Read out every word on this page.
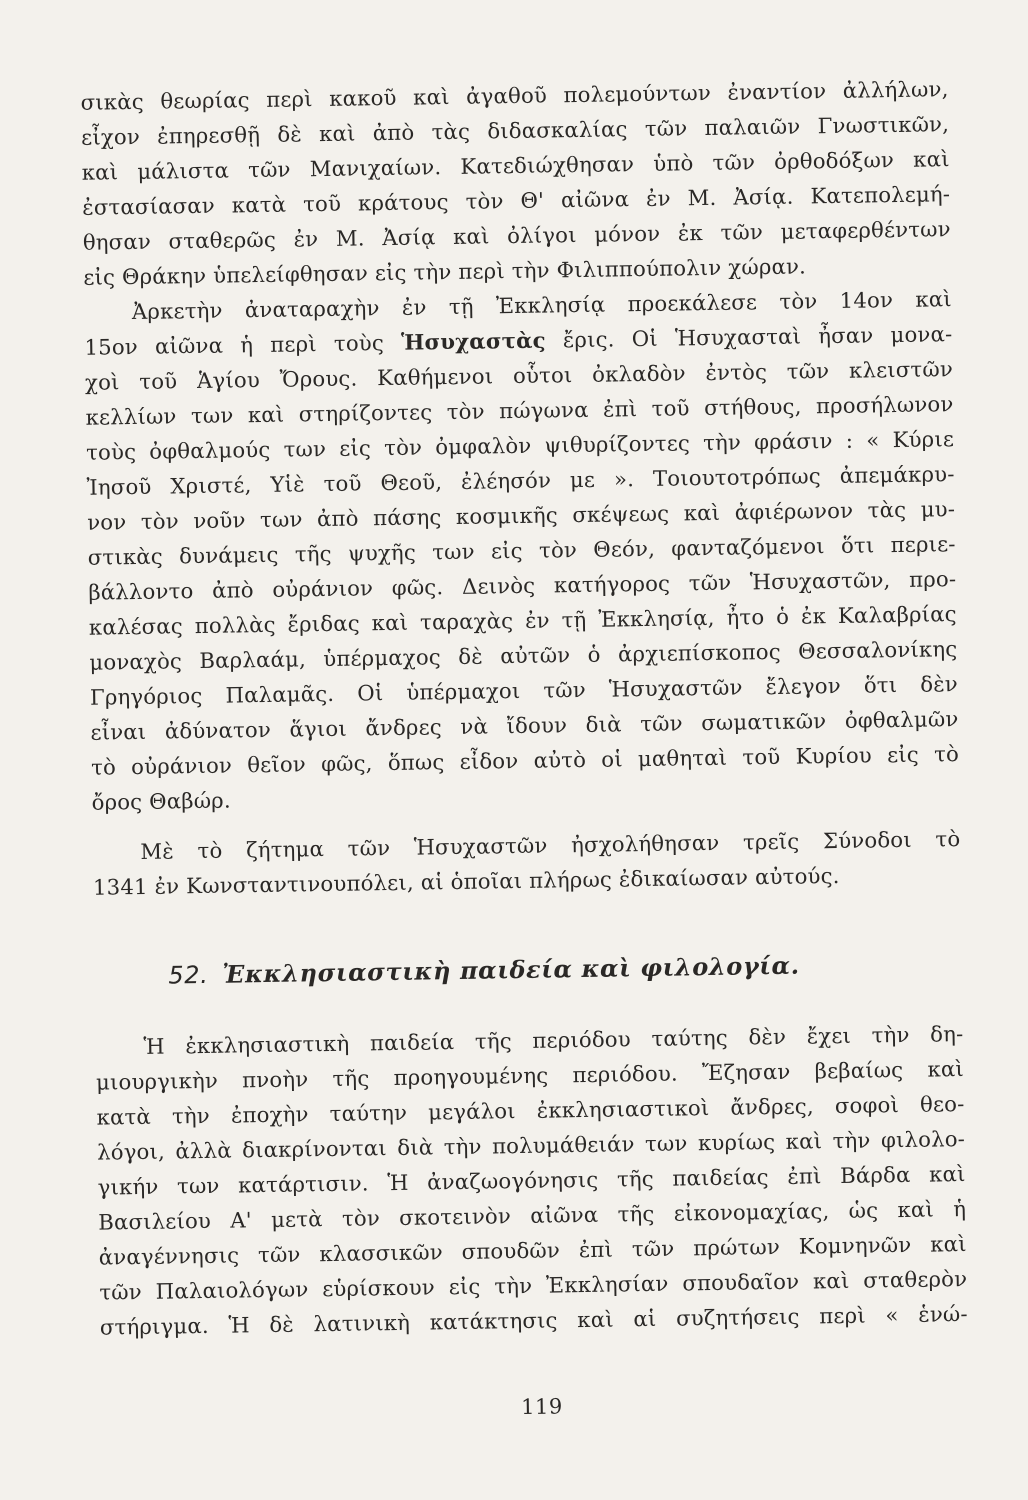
σικὰς θεωρίας περὶ κακοῦ καὶ ἀγαθοῦ πολεμούντων ἐναντίον ἀλλήλων,
εἶχον ἐπηρεσθῇ δὲ καὶ ἀπὸ τὰς διδασκαλίας τῶν παλαιῶν Γνωστικῶν,
καὶ μάλιστα τῶν Μανιχαίων. Κατεδιώχθησαν ὑπὸ τῶν ὀρθοδόξων καὶ
ἐστασίασαν κατὰ τοῦ κράτους τὸν Θ' αἰῶνα ἐν Μ. Ἀσίᾳ. Κατεπολεμή-
θησαν σταθερῶς ἐν Μ. Ἀσίᾳ καὶ ὀλίγοι μόνον ἐκ τῶν μεταφερθέντων
εἰς Θράκην ὑπελείφθησαν εἰς τὴν περὶ τὴν Φιλιππούπολιν χώραν.
Ἀρκετὴν ἀναταραχὴν ἐν τῇ Ἐκκλησίᾳ προεκάλεσε τὸν 14ον καὶ
15ον αἰῶνα ἡ περὶ τοὺς Ἡσυχαστὰς ἔρις. Οἱ Ἡσυχασταὶ ἦσαν μονα-
χοὶ τοῦ Ἁγίου Ὄρους. Καθήμενοι οὗτοι ὀκλαδὸν ἐντὸς τῶν κλειστῶν
κελλίων των καὶ στηρίζοντες τὸν πώγωνα ἐπὶ τοῦ στήθους, προσήλωνον
τοὺς ὀφθαλμούς των εἰς τὸν ὀμφαλὸν ψιθυρίζοντες τὴν φράσιν : « Κύριε
Ἰησοῦ Χριστέ, Υἱὲ τοῦ Θεοῦ, ἐλέησόν με ». Τοιουτοτρόπως ἀπεμάκρυ-
νον τὸν νοῦν των ἀπὸ πάσης κοσμικῆς σκέψεως καὶ ἀφιέρωνον τὰς μυ-
στικὰς δυνάμεις τῆς ψυχῆς των εἰς τὸν Θεόν, φανταζόμενοι ὅτι περιε-
βάλλοντο ἀπὸ οὐράνιον φῶς. Δεινὸς κατήγορος τῶν Ἡσυχαστῶν, προ-
καλέσας πολλὰς ἔριδας καὶ ταραχὰς ἐν τῇ Ἐκκλησίᾳ, ἦτο ὁ ἐκ Καλαβρίας
μοναχὸς Βαρλαάμ, ὑπέρμαχος δὲ αὐτῶν ὁ ἀρχιεπίσκοπος Θεσσαλονίκης
Γρηγόριος Παλαμᾶς. Οἱ ὑπέρμαχοι τῶν Ἡσυχαστῶν ἔλεγον ὅτι δὲν
εἶναι ἀδύνατον ἅγιοι ἄνδρες νὰ ἴδουν διὰ τῶν σωματικῶν ὀφθαλμῶν
τὸ οὐράνιον θεῖον φῶς, ὅπως εἶδον αὐτὸ οἱ μαθηταὶ τοῦ Κυρίου εἰς τὸ
ὄρος Θαβώρ.
Μὲ τὸ ζήτημα τῶν Ἡσυχαστῶν ἠσχολήθησαν τρεῖς Σύνοδοι τὸ
1341 ἐν Κωνσταντινουπόλει, αἱ ὁποῖαι πλήρως ἐδικαίωσαν αὐτούς.
52. Ἐκκλησιαστικὴ παιδεία καὶ φιλολογία.
Ἡ ἐκκλησιαστικὴ παιδεία τῆς περιόδου ταύτης δὲν ἔχει τὴν δη-
μιουργικὴν πνοὴν τῆς προηγουμένης περιόδου. Ἔζησαν βεβαίως καὶ
κατὰ τὴν ἐποχὴν ταύτην μεγάλοι ἐκκλησιαστικοὶ ἄνδρες, σοφοὶ θεο-
λόγοι, ἀλλὰ διακρίνονται διὰ τὴν πολυμάθειάν των κυρίως καὶ τὴν φιλολο-
γικήν των κατάρτισιν. Ἡ ἀναζωογόνησις τῆς παιδείας ἐπὶ Βάρδα καὶ
Βασιλείου Α' μετὰ τὸν σκοτεινὸν αἰῶνα τῆς εἰκονομαχίας, ὡς καὶ ἡ
ἀναγέννησις τῶν κλασσικῶν σπουδῶν ἐπὶ τῶν πρώτων Κομνηνῶν καὶ
τῶν Παλαιολόγων εὑρίσκουν εἰς τὴν Ἐκκλησίαν σπουδαῖον καὶ σταθερὸν
στήριγμα. Ἡ δὲ λατινικὴ κατάκτησις καὶ αἱ συζητήσεις περὶ « ἑνώ-
119
